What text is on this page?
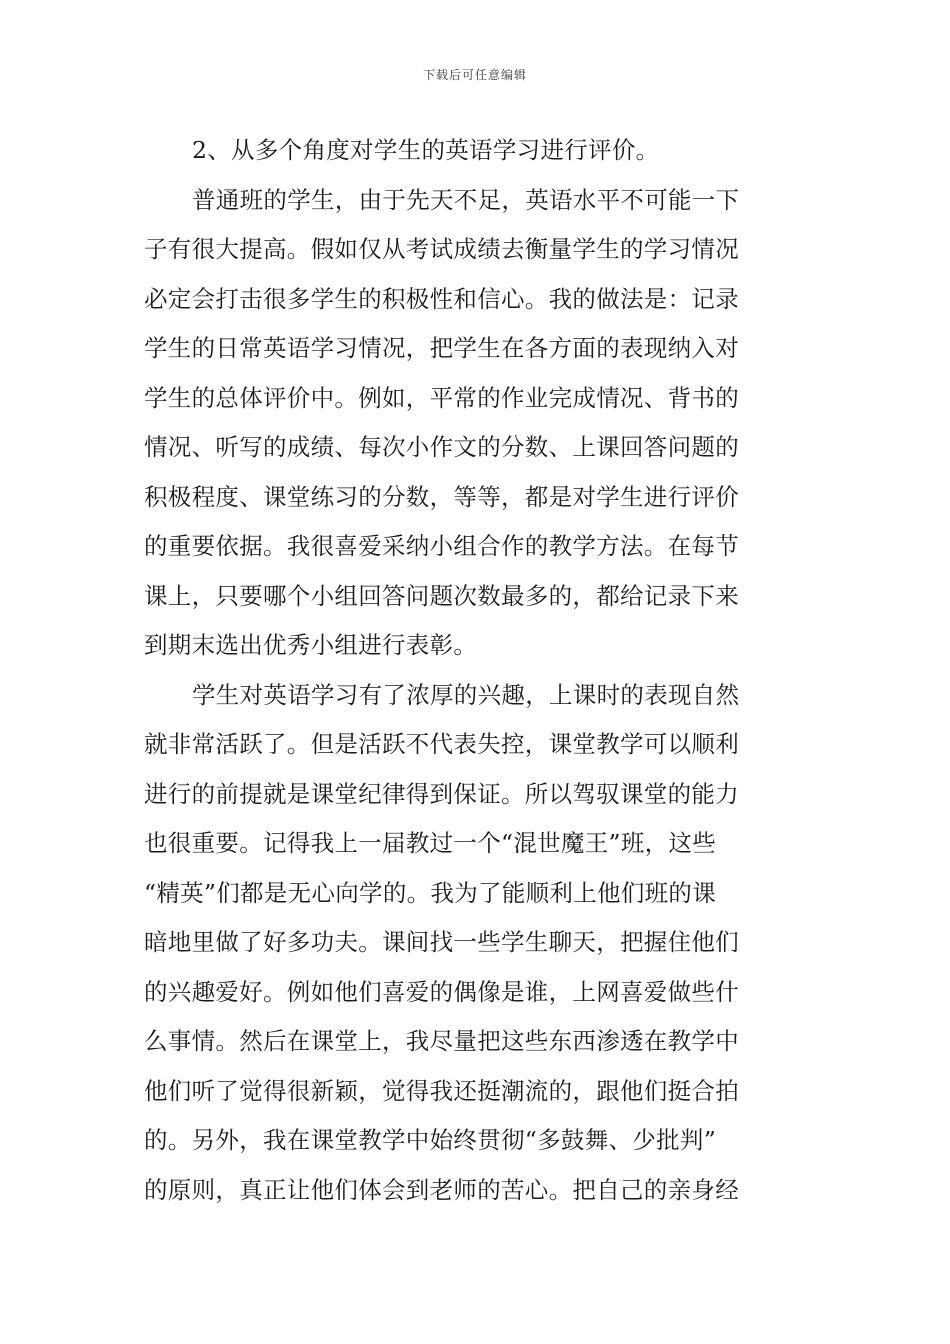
下载后可任意编辑
2、从多个角度对学生的英语学习进行评价。
普通班的学生，由于先天不足，英语水平不可能一下
子有很大提高。假如仅从考试成绩去衡量学生的学习情况
必定会打击很多学生的积极性和信心。我的做法是：记录
学生的日常英语学习情况，把学生在各方面的表现纳入对
学生的总体评价中。例如，平常的作业完成情况、背书的
情况、听写的成绩、每次小作文的分数、上课回答问题的
积极程度、课堂练习的分数，等等，都是对学生进行评价
的重要依据。我很喜爱采纳小组合作的教学方法。在每节
课上，只要哪个小组回答问题次数最多的，都给记录下来
到期末选出优秀小组进行表彰。
学生对英语学习有了浓厚的兴趣，上课时的表现自然
就非常活跃了。但是活跃不代表失控，课堂教学可以顺利
进行的前提就是课堂纪律得到保证。所以驾驭课堂的能力
也很重要。记得我上一届教过一个“混世魔王”班，这些
“精英”们都是无心向学的。我为了能顺利上他们班的课
暗地里做了好多功夫。课间找一些学生聊天，把握住他们
的兴趣爱好。例如他们喜爱的偶像是谁，上网喜爱做些什
么事情。然后在课堂上，我尽量把这些东西渗透在教学中
他们听了觉得很新颖，觉得我还挺潮流的，跟他们挺合拍
的。另外，我在课堂教学中始终贯彻“多鼓舞、少批判”
的原则，真正让他们体会到老师的苦心。把自己的亲身经
